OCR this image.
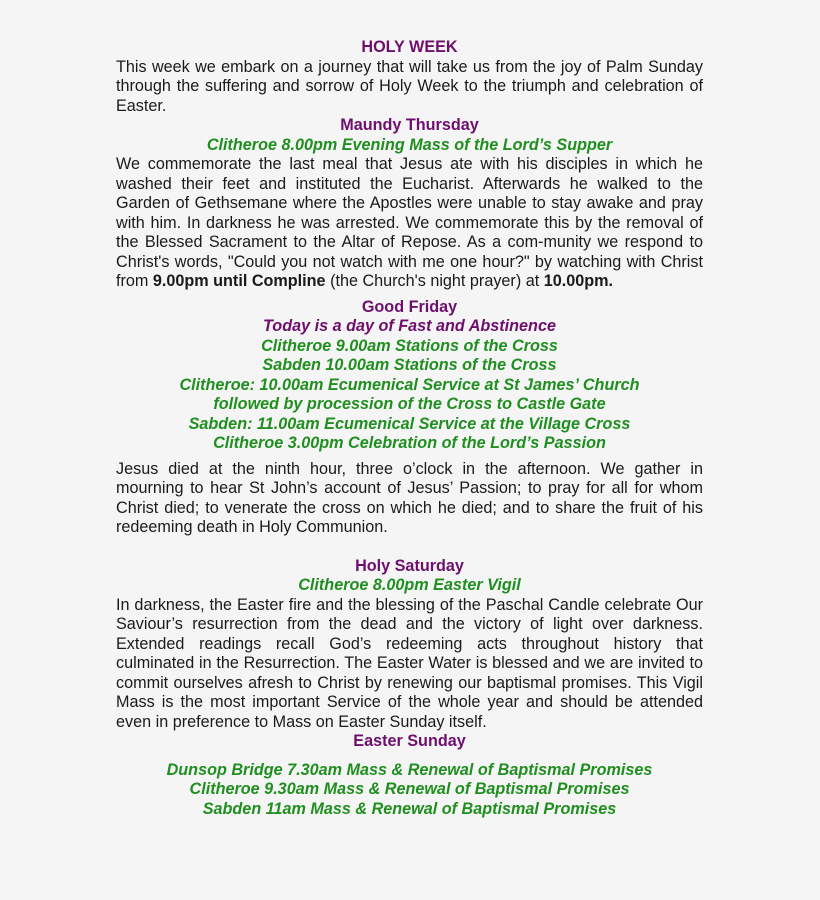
HOLY WEEK

This week we embark on a journey that will take us from the joy of Palm Sunday through the suffering and sorrow of Holy Week to the triumph and celebration of Easter.

Maundy Thursday

Clitheroe 8.00pm Evening Mass of the Lord’s Supper

We commemorate the last meal that Jesus ate with his disciples in which he washed their feet and instituted the Eucharist. Afterwards he walked to the Garden of Gethsemane where the Apostles were unable to stay awake and pray with him. In darkness he was arrested. We commemorate this by the removal of the Blessed Sacrament to the Altar of Repose. As a com-munity we respond to Christ's words, "Could you not watch with me one hour?" by watching with Christ from 9.00pm until Compline (the Church's night prayer) at 10.00pm.

Good Friday

Today is a day of Fast and Abstinence

Clitheroe 9.00am Stations of the Cross

Sabden 10.00am Stations of the Cross

Clitheroe: 10.00am Ecumenical Service at St James’ Church

followed by procession of the Cross to Castle Gate

Sabden: 11.00am Ecumenical Service at the Village Cross

Clitheroe 3.00pm Celebration of the Lord’s Passion

Jesus died at the ninth hour, three o’clock in the afternoon. We gather in mourning to hear St John’s account of Jesus’ Passion; to pray for all for whom Christ died; to venerate the cross on which he died; and to share the fruit of his redeeming death in Holy Communion.

Holy Saturday

Clitheroe 8.00pm Easter Vigil

In darkness, the Easter fire and the blessing of the Paschal Candle celebrate Our Saviour’s resurrection from the dead and the victory of light over darkness. Extended readings recall God’s redeeming acts throughout history that culminated in the Resurrection. The Easter Water is blessed and we are invited to commit ourselves afresh to Christ by renewing our baptismal promises. This Vigil Mass is the most important Service of the whole year and should be attended even in preference to Mass on Easter Sunday itself.

Easter Sunday

Dunsop Bridge 7.30am Mass & Renewal of Baptismal Promises

Clitheroe 9.30am Mass & Renewal of Baptismal Promises

Sabden 11am Mass & Renewal of Baptismal Promises
